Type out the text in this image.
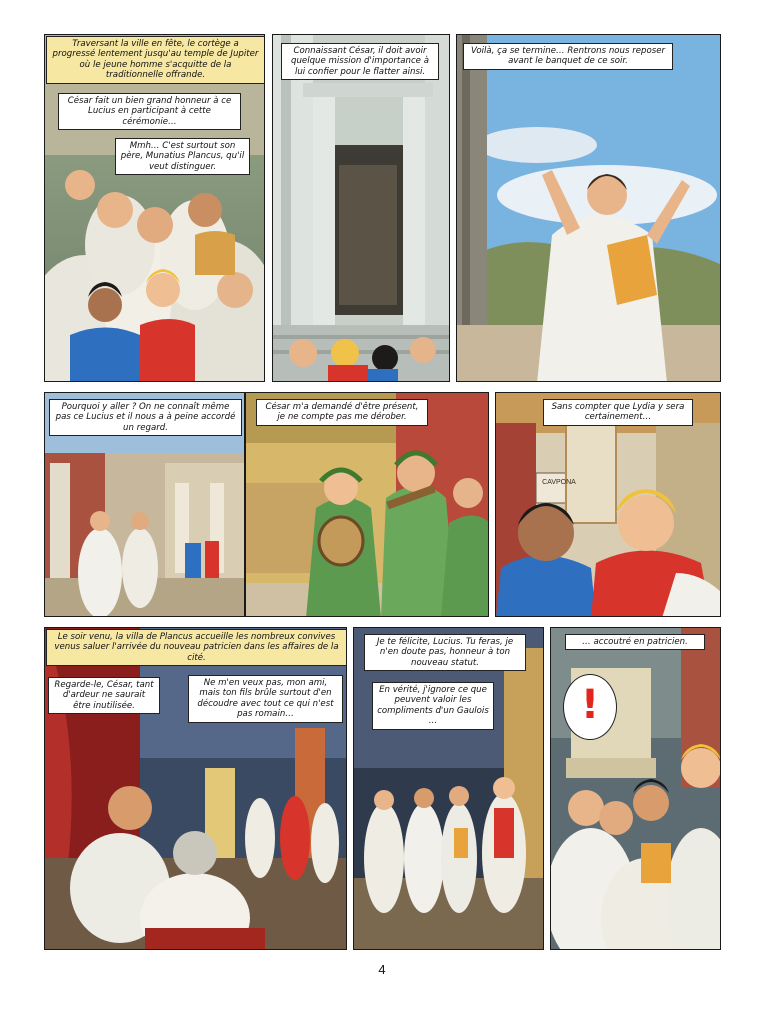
Traversant la ville en fête, le cortège a progressé lentement jusqu'au temple de Jupiter où le jeune homme s'acquitte de la traditionnelle offrande.
César fait un bien grand honneur à ce Lucius en participant à cette cérémonie…
Mmh… C'est surtout son père, Munatius Plancus, qu'il veut distinguer.
Connaissant César, il doit avoir quelque mission d'importance à lui confier pour le flatter ainsi.
Voilà, ça se termine… Rentrons nous reposer avant le banquet de ce soir.
Pourquoi y aller ? On ne connaît même pas ce Lucius et il nous a à peine accordé un regard.
César m'a demandé d'être présent, je ne compte pas me dérober.
CAVPONA
Sans compter que Lydia y sera certainement…
Le soir venu, la villa de Plancus accueille les nombreux convives venus saluer l'arrivée du nouveau patricien dans les affaires de la cité.
Regarde-le, César, tant d'ardeur ne saurait être inutilisée.
Ne m'en veux pas, mon ami, mais ton fils brûle surtout d'en découdre avec tout ce qui n'est pas romain…
Je te félicite, Lucius. Tu feras, je n'en doute pas, honneur à ton nouveau statut.
En vérité, j'ignore ce que peuvent valoir les compliments d'un Gaulois …
… accoutré en patricien.
!
4
